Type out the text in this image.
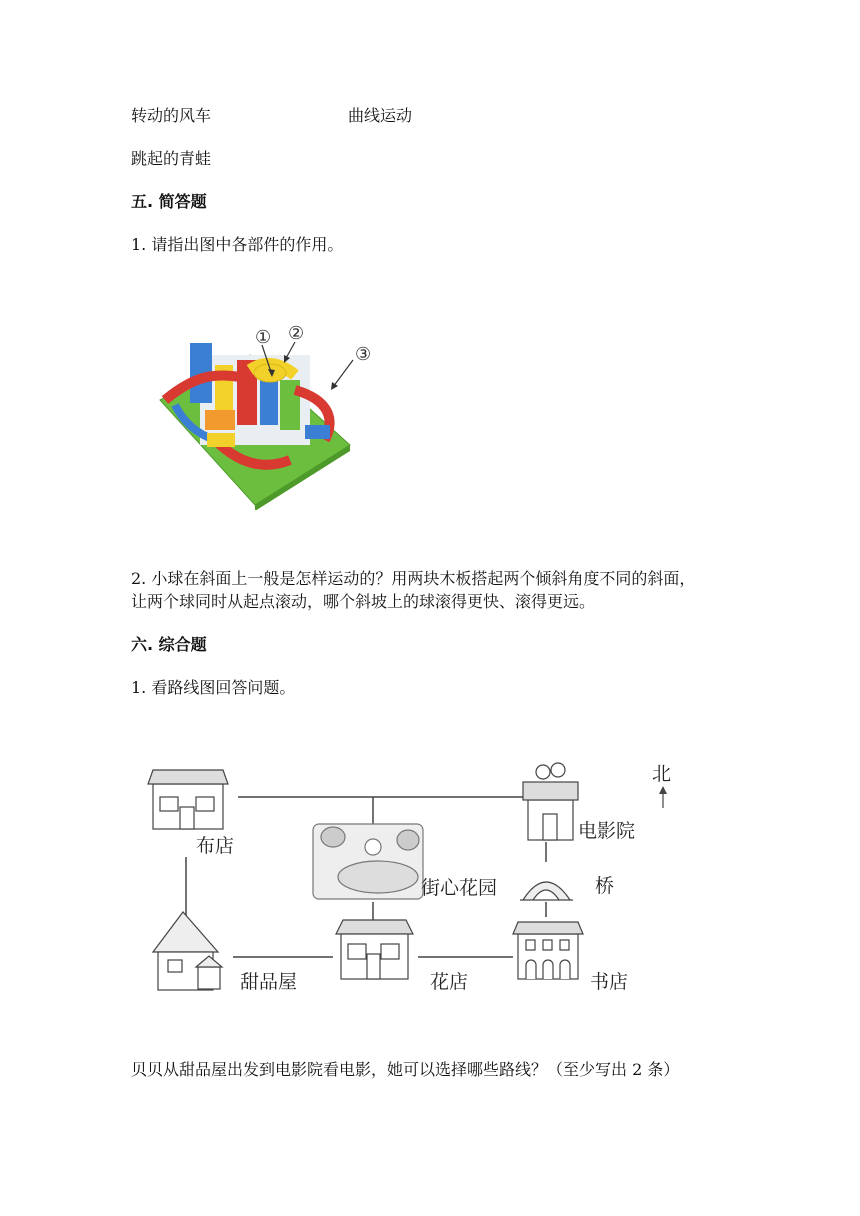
转动的风车	曲线运动
跳起的青蛙
五. 简答题
1. 请指出图中各部件的作用。
① ②
③
2. 小球在斜面上一般是怎样运动的？用两块木板搭起两个倾斜角度不同的斜面，
让两个球同时从起点滚动，哪个斜坡上的球滚得更快、滚得更远。
六. 综合题
1. 看路线图回答问题。
布店
电影院
北
街心花园	桥
甜品屋	花店	书店
贝贝从甜品屋出发到电影院看电影，她可以选择哪些路线？（至少写出 2 条）
